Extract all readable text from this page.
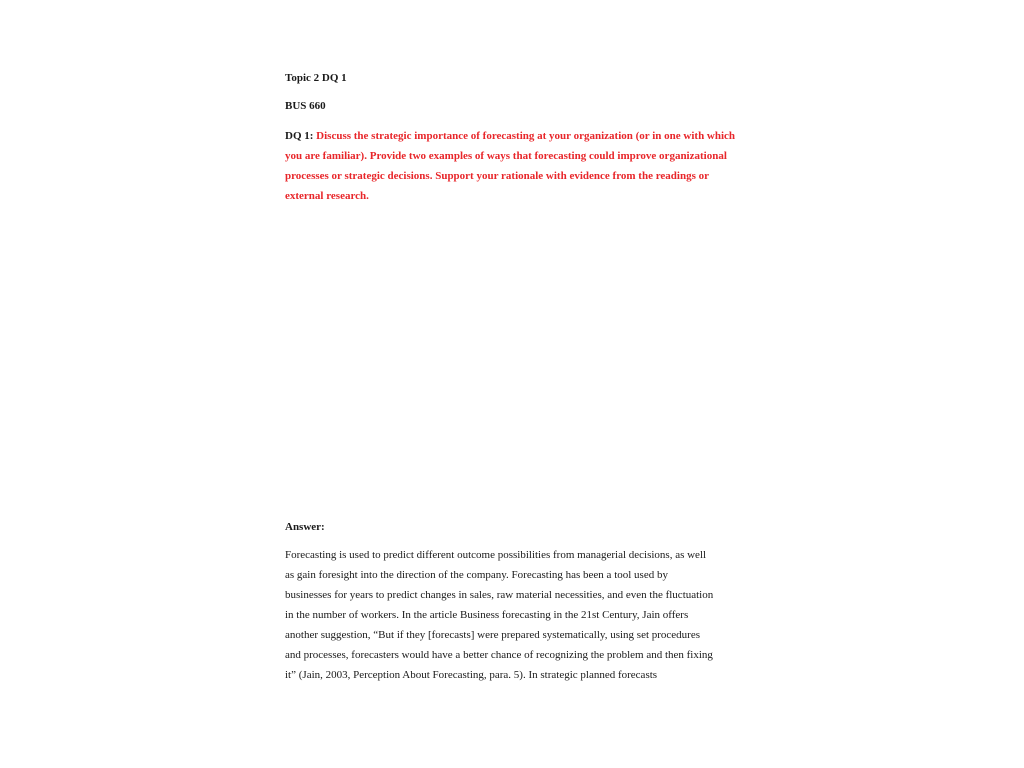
Topic 2 DQ 1
BUS 660
DQ 1: Discuss the strategic importance of forecasting at your organization (or in one with which you are familiar). Provide two examples of ways that forecasting could improve organizational processes or strategic decisions. Support your rationale with evidence from the readings or external research.
Answer:
Forecasting is used to predict different outcome possibilities from managerial decisions, as well
as gain foresight into the direction of the company. Forecasting has been a tool used by
businesses for years to predict changes in sales, raw material necessities, and even the fluctuation
in the number of workers. In the article Business forecasting in the 21st Century, Jain offers
another suggestion, “But if they [forecasts] were prepared systematically, using set procedures
and processes, forecasters would have a better chance of recognizing the problem and then fixing
it” (Jain, 2003, Perception About Forecasting, para. 5). In strategic planned forecasts
